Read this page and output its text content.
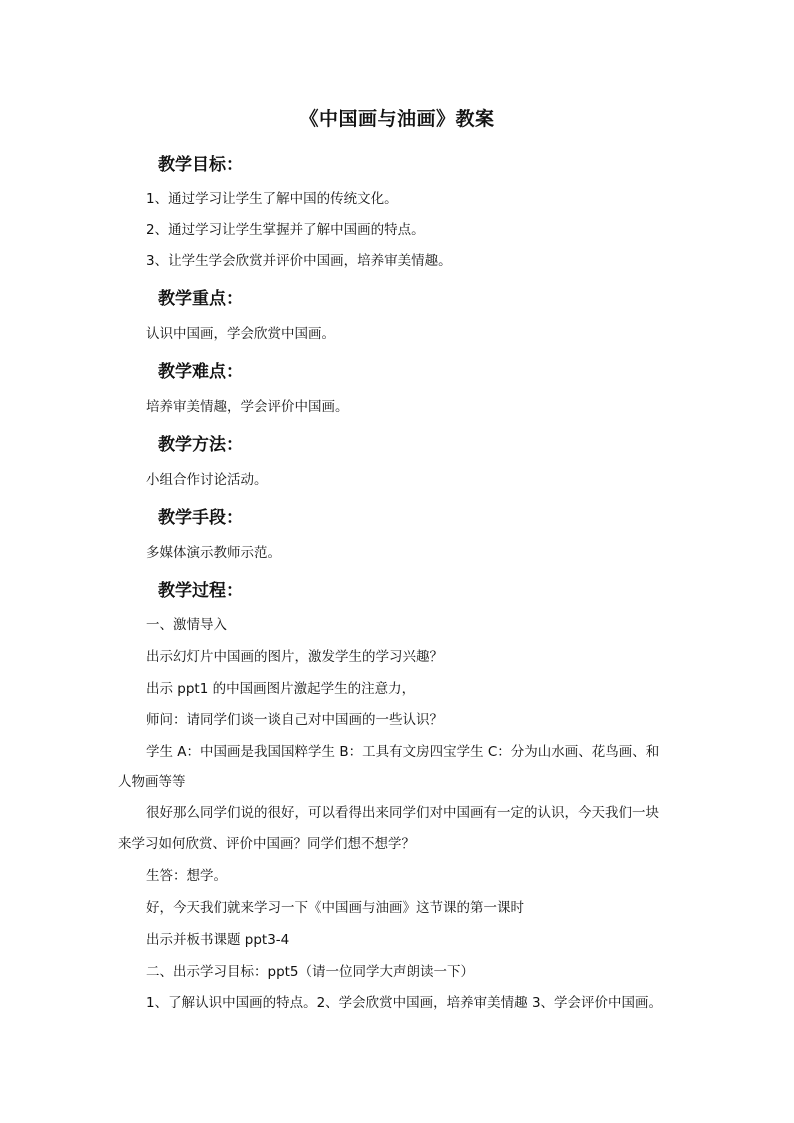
《中国画与油画》教案
教学目标：
1、通过学习让学生了解中国的传统文化。
2、通过学习让学生掌握并了解中国画的特点。
3、让学生学会欣赏并评价中国画，培养审美情趣。
教学重点：
认识中国画，学会欣赏中国画。
教学难点：
培养审美情趣，学会评价中国画。
教学方法：
小组合作讨论活动。
教学手段：
多媒体演示教师示范。
教学过程：
一、激情导入
出示幻灯片中国画的图片，激发学生的学习兴趣？
出示 ppt1 的中国画图片激起学生的注意力，
师问：请同学们谈一谈自己对中国画的一些认识？
学生 A：中国画是我国国粹学生 B：工具有文房四宝学生 C：分为山水画、花鸟画、和
人物画等等
很好那么同学们说的很好，可以看得出来同学们对中国画有一定的认识，今天我们一块
来学习如何欣赏、评价中国画？同学们想不想学？
生答：想学。
好，今天我们就来学习一下《中国画与油画》这节课的第一课时
出示并板书课题 ppt3-4
二、出示学习目标：ppt5（请一位同学大声朗读一下）
1、了解认识中国画的特点。2、学会欣赏中国画，培养审美情趣 3、学会评价中国画。
